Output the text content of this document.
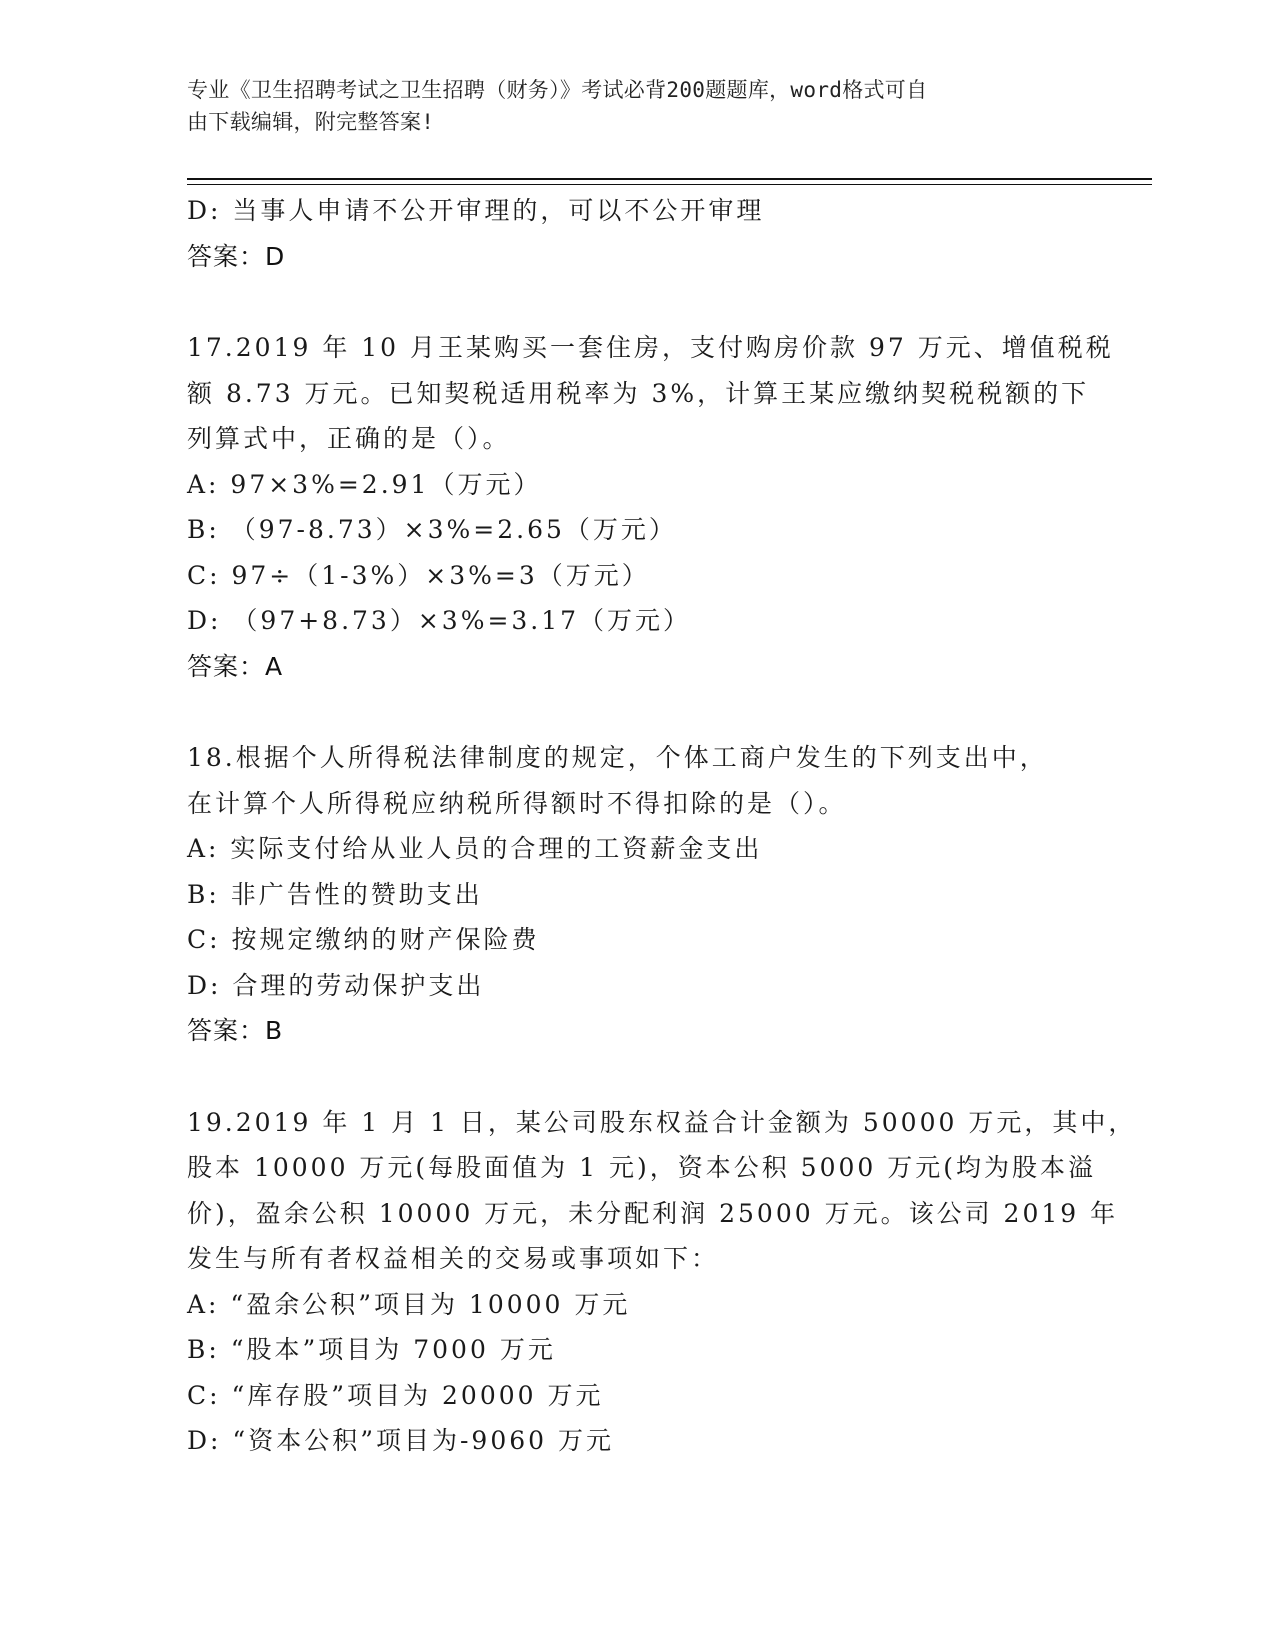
专业《卫生招聘考试之卫生招聘（财务）》考试必背200题题库，word格式可自
由下载编辑，附完整答案!
D: 当事人申请不公开审理的，可以不公开审理
答案：D
17.2019 年 10 月王某购买一套住房，支付购房价款 97 万元、增值税税
额 8.73 万元。已知契税适用税率为 3%，计算王某应缴纳契税税额的下
列算式中，正确的是（）。
A: 97×3%=2.91（万元）
B: （97-8.73）×3%=2.65（万元）
C: 97÷（1-3%）×3%=3（万元）
D: （97+8.73）×3%=3.17（万元）
答案：A
18.根据个人所得税法律制度的规定，个体工商户发生的下列支出中，
在计算个人所得税应纳税所得额时不得扣除的是（）。
A: 实际支付给从业人员的合理的工资薪金支出
B: 非广告性的赞助支出
C: 按规定缴纳的财产保险费
D: 合理的劳动保护支出
答案：B
19.2019 年 1 月 1 日，某公司股东权益合计金额为 50000 万元，其中，
股本 10000 万元(每股面值为 1 元)，资本公积 5000 万元(均为股本溢
价)，盈余公积 10000 万元，未分配利润 25000 万元。该公司 2019 年
发生与所有者权益相关的交易或事项如下：
A: “盈余公积”项目为 10000 万元
B: “股本”项目为 7000 万元
C: “库存股”项目为 20000 万元
D: “资本公积”项目为-9060 万元
